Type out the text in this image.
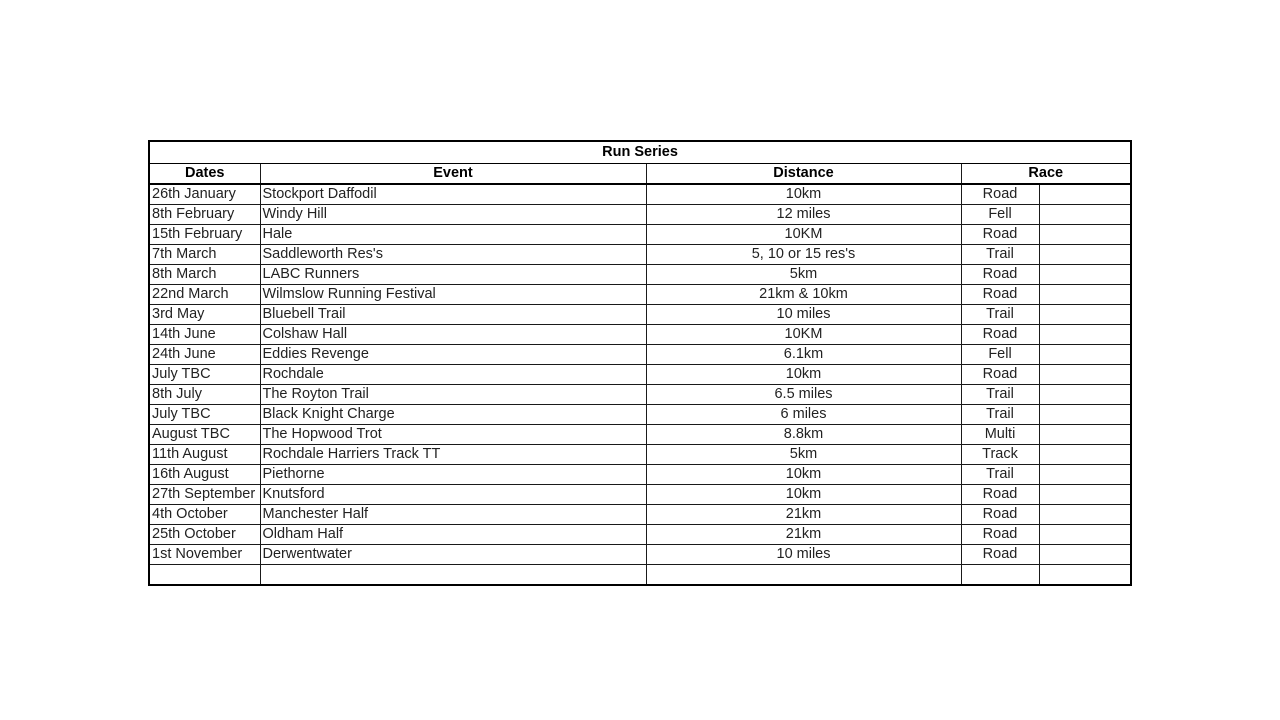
Run Series				
Dates	Event	Distance	Race	
26th January	Stockport Daffodil	10km	Road	
8th February	Windy Hill	12 miles	Fell	
15th February	Hale	10KM	Road	
7th March	Saddleworth Res's	5, 10 or 15 res's	Trail	
8th March	LABC Runners	5km	Road	
22nd March	Wilmslow Running Festival	21km & 10km	Road	
3rd May	Bluebell Trail	10 miles	Trail	
14th June	Colshaw Hall	10KM	Road	
24th June	Eddies Revenge	6.1km	Fell	
July TBC	Rochdale	10km	Road	
8th July	The Royton Trail	6.5 miles	Trail	
July TBC	Black Knight Charge	6 miles	Trail	
August TBC	The Hopwood Trot	8.8km	Multi	
11th August	Rochdale Harriers Track TT	5km	Track	
16th August	Piethorne	10km	Trail	
27th September	Knutsford	10km	Road	
4th October	Manchester Half	21km	Road	
25th October	Oldham Half	21km	Road	
1st November	Derwentwater	10 miles	Road	
